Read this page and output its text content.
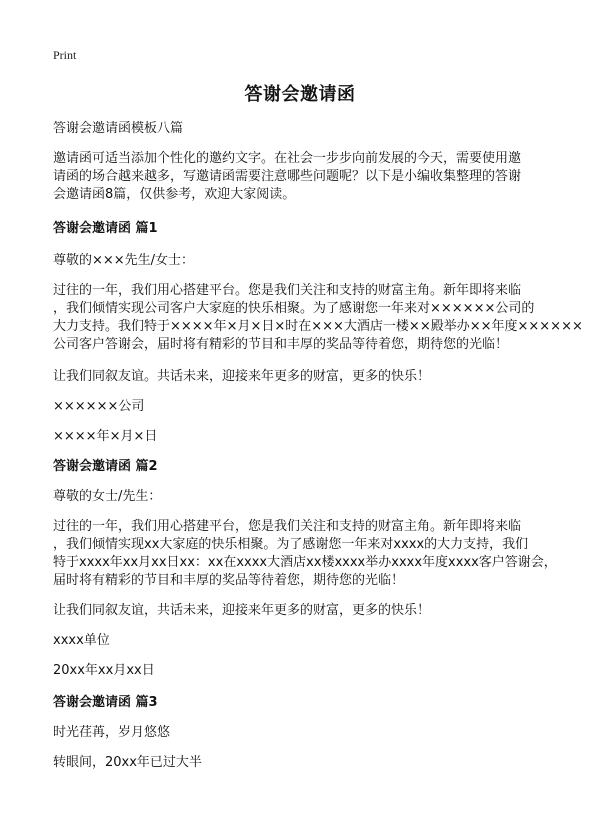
Print
答谢会邀请函
答谢会邀请函模板八篇
邀请函可适当添加个性化的邀约文字。在社会一步步向前发展的今天，需要使用邀
请函的场合越来越多，写邀请函需要注意哪些问题呢？以下是小编收集整理的答谢
会邀请函8篇，仅供参考，欢迎大家阅读。
答谢会邀请函 篇1
尊敬的×××先生/女士：
过往的一年，我们用心搭建平台。您是我们关注和支持的财富主角。新年即将来临
，我们倾情实现公司客户大家庭的快乐相聚。为了感谢您一年来对××××××公司的
大力支持。我们特于××××年×月×日×时在×××大酒店一楼××殿举办××年度××××××
公司客户答谢会，届时将有精彩的节目和丰厚的奖品等待着您，期待您的光临！
让我们同叙友谊。共话未来，迎接来年更多的财富，更多的快乐！
××××××公司
××××年×月×日
答谢会邀请函 篇2
尊敬的女士/先生：
过往的一年，我们用心搭建平台，您是我们关注和支持的财富主角。新年即将来临
，我们倾情实现xx大家庭的快乐相聚。为了感谢您一年来对xxxx的大力支持，我们
特于xxxx年xx月xx日xx：xx在xxxx大酒店xx楼xxxx举办xxxx年度xxxx客户答谢会，
届时将有精彩的节目和丰厚的奖品等待着您，期待您的光临！
让我们同叙友谊，共话未来，迎接来年更多的财富，更多的快乐！
xxxx单位
20xx年xx月xx日
答谢会邀请函 篇3
时光荏苒，岁月悠悠
转眼间，20xx年已过大半
